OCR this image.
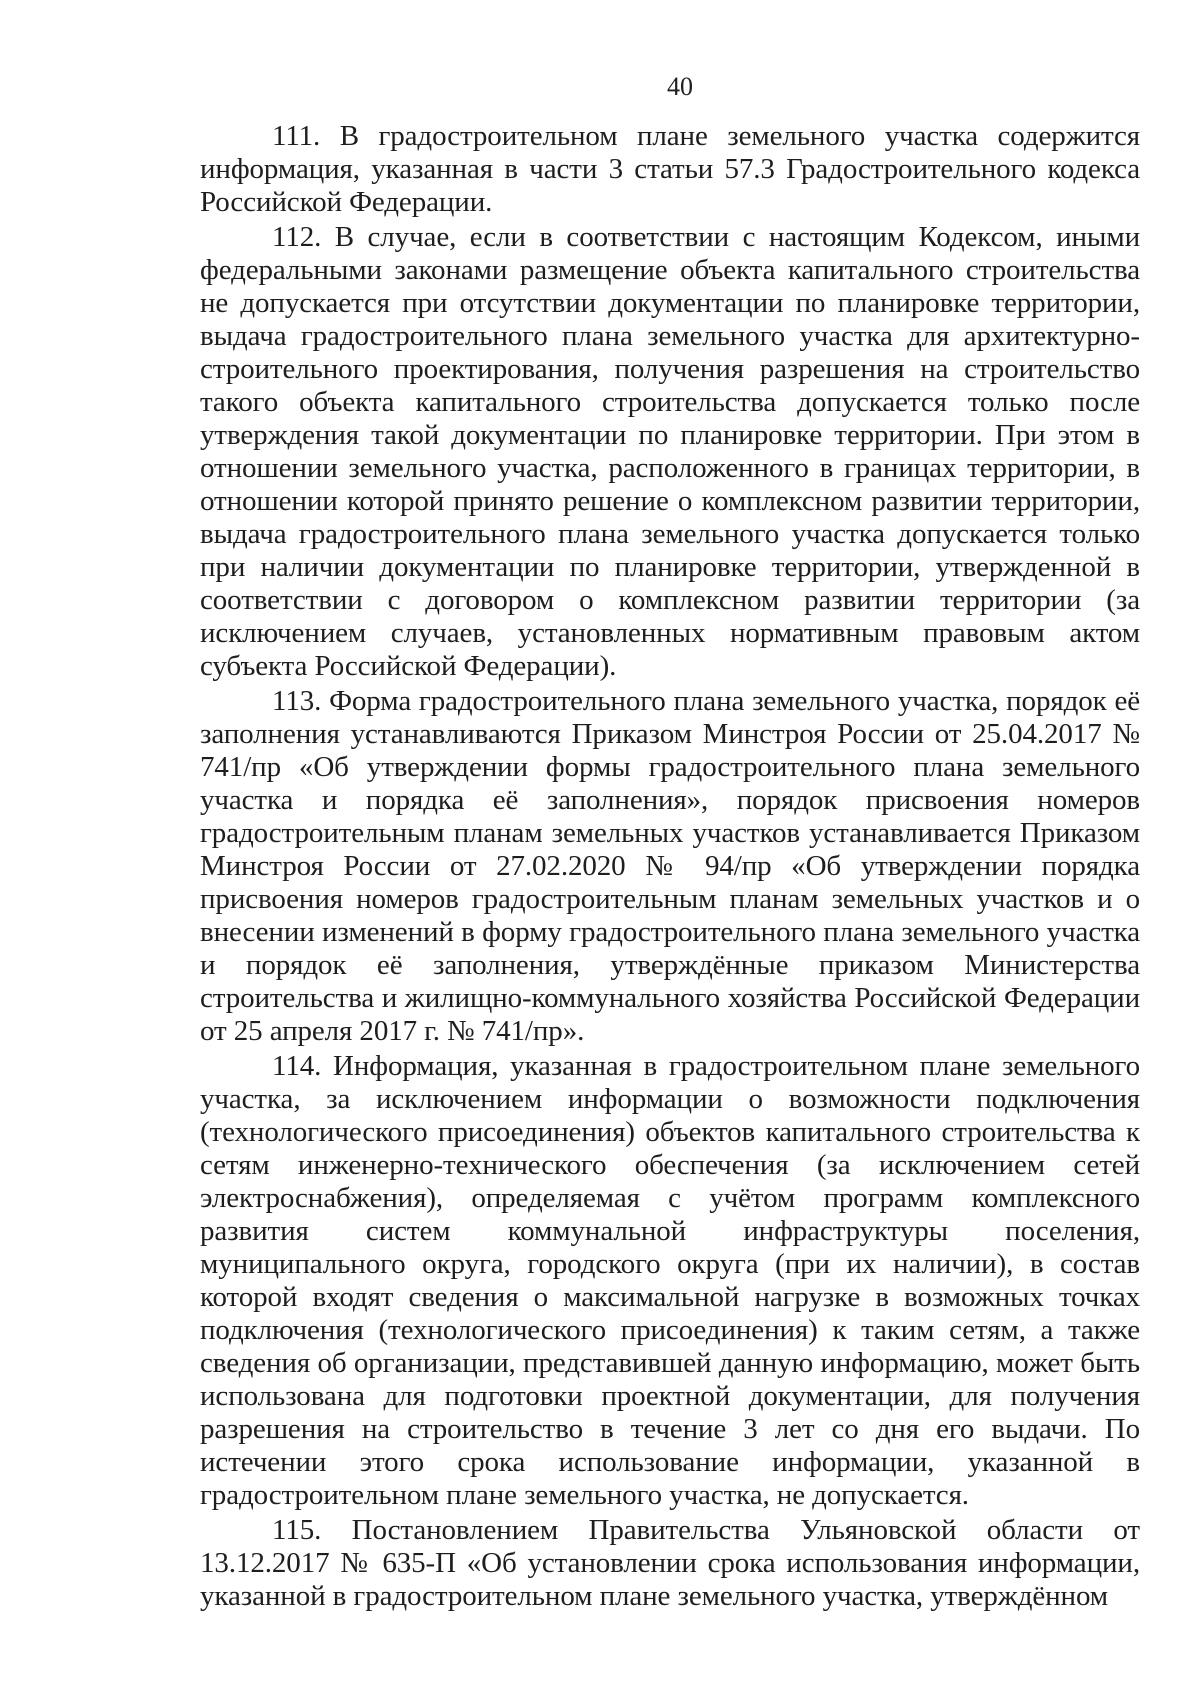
40

111. В градостроительном плане земельного участка содержится информация, указанная в части 3 статьи 57.3 Градостроительного кодекса Российской Федерации.

112. В случае, если в соответствии с настоящим Кодексом, иными федеральными законами размещение объекта капитального строительства не допускается при отсутствии документации по планировке территории, выдача градостроительного плана земельного участка для архитектурно-строительного проектирования, получения разрешения на строительство такого объекта капитального строительства допускается только после утверждения такой документации по планировке территории. При этом в отношении земельного участка, расположенного в границах территории, в отношении которой принято решение о комплексном развитии территории, выдача градостроительного плана земельного участка допускается только при наличии документации по планировке территории, утвержденной в соответствии с договором о комплексном развитии территории (за исключением случаев, установленных нормативным правовым актом субъекта Российской Федерации).

113. Форма градостроительного плана земельного участка, порядок её заполнения устанавливаются Приказом Минстроя России от 25.04.2017 № 741/пр «Об утверждении формы градостроительного плана земельного участка и порядка её заполнения», порядок присвоения номеров градостроительным планам земельных участков устанавливается Приказом Минстроя России от 27.02.2020 № 94/пр «Об утверждении порядка присвоения номеров градостроительным планам земельных участков и о внесении изменений в форму градостроительного плана земельного участка и порядок её заполнения, утверждённые приказом Министерства строительства и жилищно-коммунального хозяйства Российской Федерации от 25 апреля 2017 г. № 741/пр».

114. Информация, указанная в градостроительном плане земельного участка, за исключением информации о возможности подключения (технологического присоединения) объектов капитального строительства к сетям инженерно-технического обеспечения (за исключением сетей электроснабжения), определяемая с учётом программ комплексного развития систем коммунальной инфраструктуры поселения, муниципального округа, городского округа (при их наличии), в состав которой входят сведения о максимальной нагрузке в возможных точках подключения (технологического присоединения) к таким сетям, а также сведения об организации, представившей данную информацию, может быть использована для подготовки проектной документации, для получения разрешения на строительство в течение 3 лет со дня его выдачи. По истечении этого срока использование информации, указанной в градостроительном плане земельного участка, не допускается.

115. Постановлением Правительства Ульяновской области от 13.12.2017 № 635-П «Об установлении срока использования информации, указанной в градостроительном плане земельного участка, утверждённом
